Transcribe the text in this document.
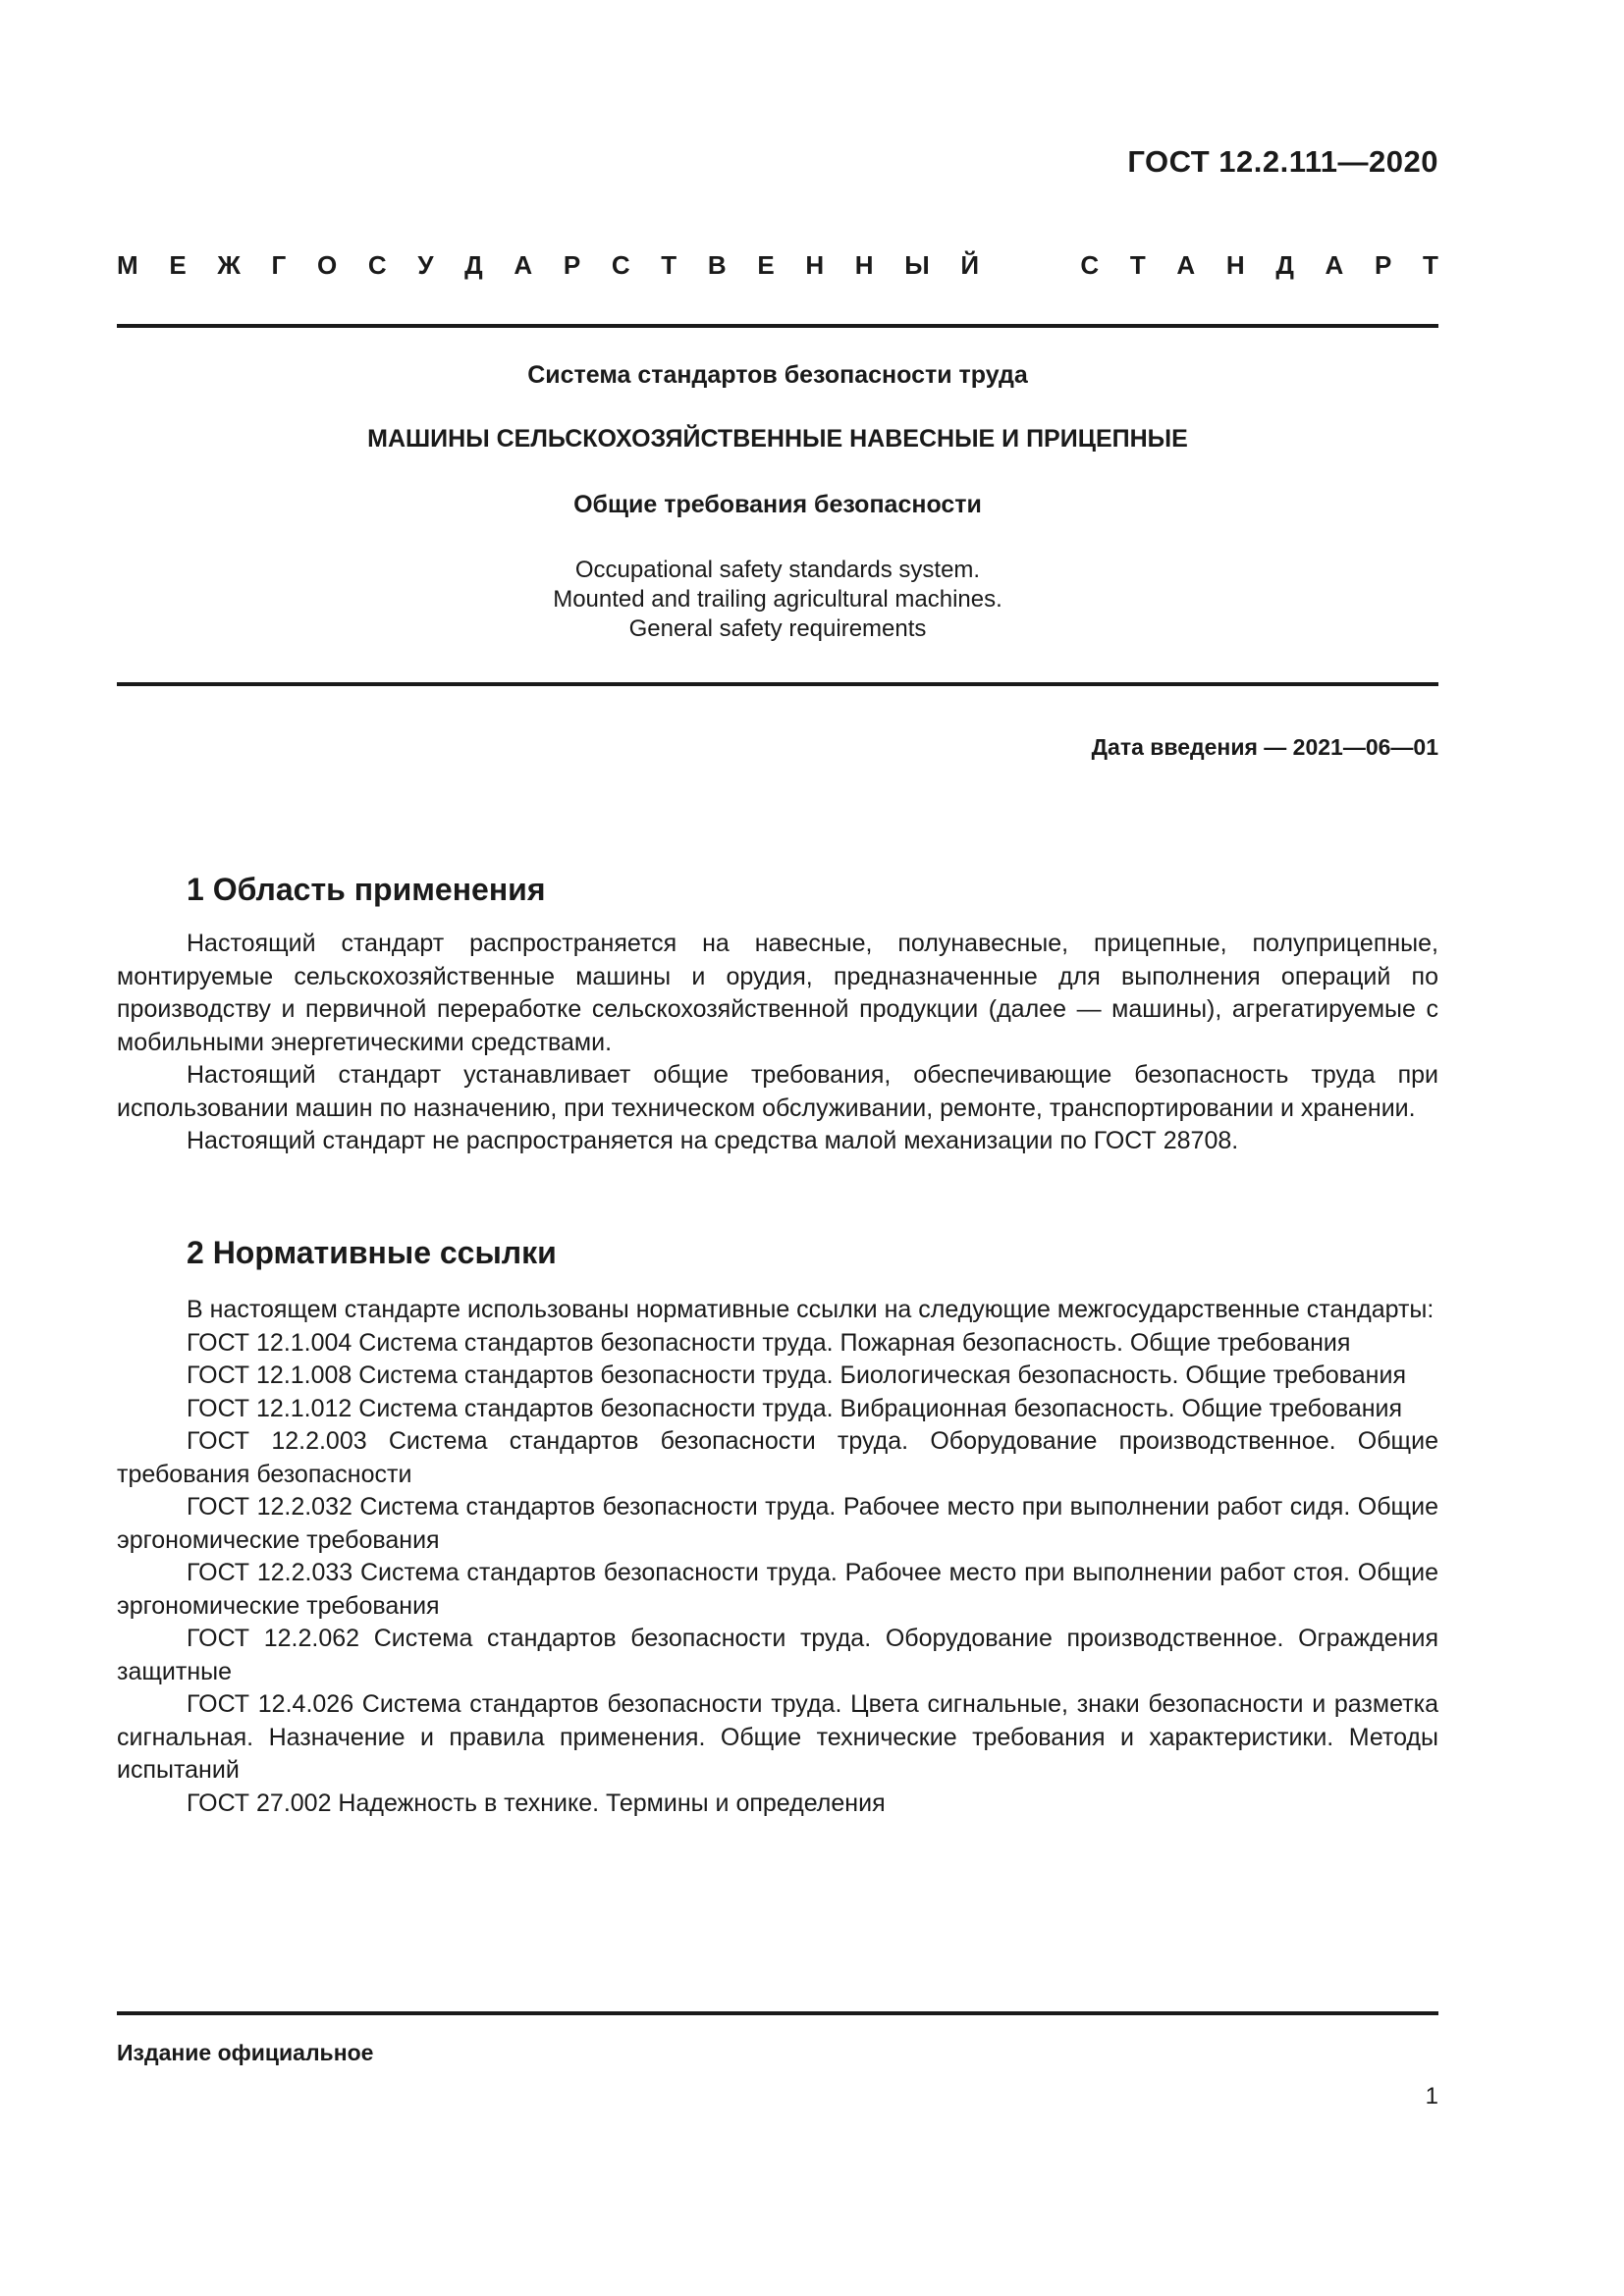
ГОСТ 12.2.111—2020
М Е Ж Г О С У Д А Р С Т В Е Н Н Ы Й	С Т А Н Д А Р Т
Система стандартов безопасности труда
МАШИНЫ СЕЛЬСКОХОЗЯЙСТВЕННЫЕ НАВЕСНЫЕ И ПРИЦЕПНЫЕ
Общие требования безопасности
Occupational safety standards system.
Mounted and trailing agricultural machines.
General safety requirements
Дата введения — 2021—06—01
1 Область применения

Настоящий стандарт распространяется на навесные, полунавесные, прицепные, полуприцепные, монтируемые сельскохозяйственные машины и орудия, предназначенные для выполнения операций по производству и первичной переработке сельскохозяйственной продукции (далее — машины), агрегатируемые с мобильными энергетическими средствами.

Настоящий стандарт устанавливает общие требования, обеспечивающие безопасность труда при использовании машин по назначению, при техническом обслуживании, ремонте, транспортировании и хранении.

Настоящий стандарт не распространяется на средства малой механизации по ГОСТ 28708.

2 Нормативные ссылки

В настоящем стандарте использованы нормативные ссылки на следующие межгосударственные стандарты:

ГОСТ 12.1.004 Система стандартов безопасности труда. Пожарная безопасность. Общие требования

ГОСТ 12.1.008 Система стандартов безопасности труда. Биологическая безопасность. Общие требования

ГОСТ 12.1.012 Система стандартов безопасности труда. Вибрационная безопасность. Общие требования

ГОСТ 12.2.003 Система стандартов безопасности труда. Оборудование производственное. Общие требования безопасности

ГОСТ 12.2.032 Система стандартов безопасности труда. Рабочее место при выполнении работ сидя. Общие эргономические требования

ГОСТ 12.2.033 Система стандартов безопасности труда. Рабочее место при выполнении работ стоя. Общие эргономические требования

ГОСТ 12.2.062 Система стандартов безопасности труда. Оборудование производственное. Ограждения защитные

ГОСТ 12.4.026 Система стандартов безопасности труда. Цвета сигнальные, знаки безопасности и разметка сигнальная. Назначение и правила применения. Общие технические требования и характеристики. Методы испытаний

ГОСТ 27.002 Надежность в технике. Термины и определения

Издание официальное
1
